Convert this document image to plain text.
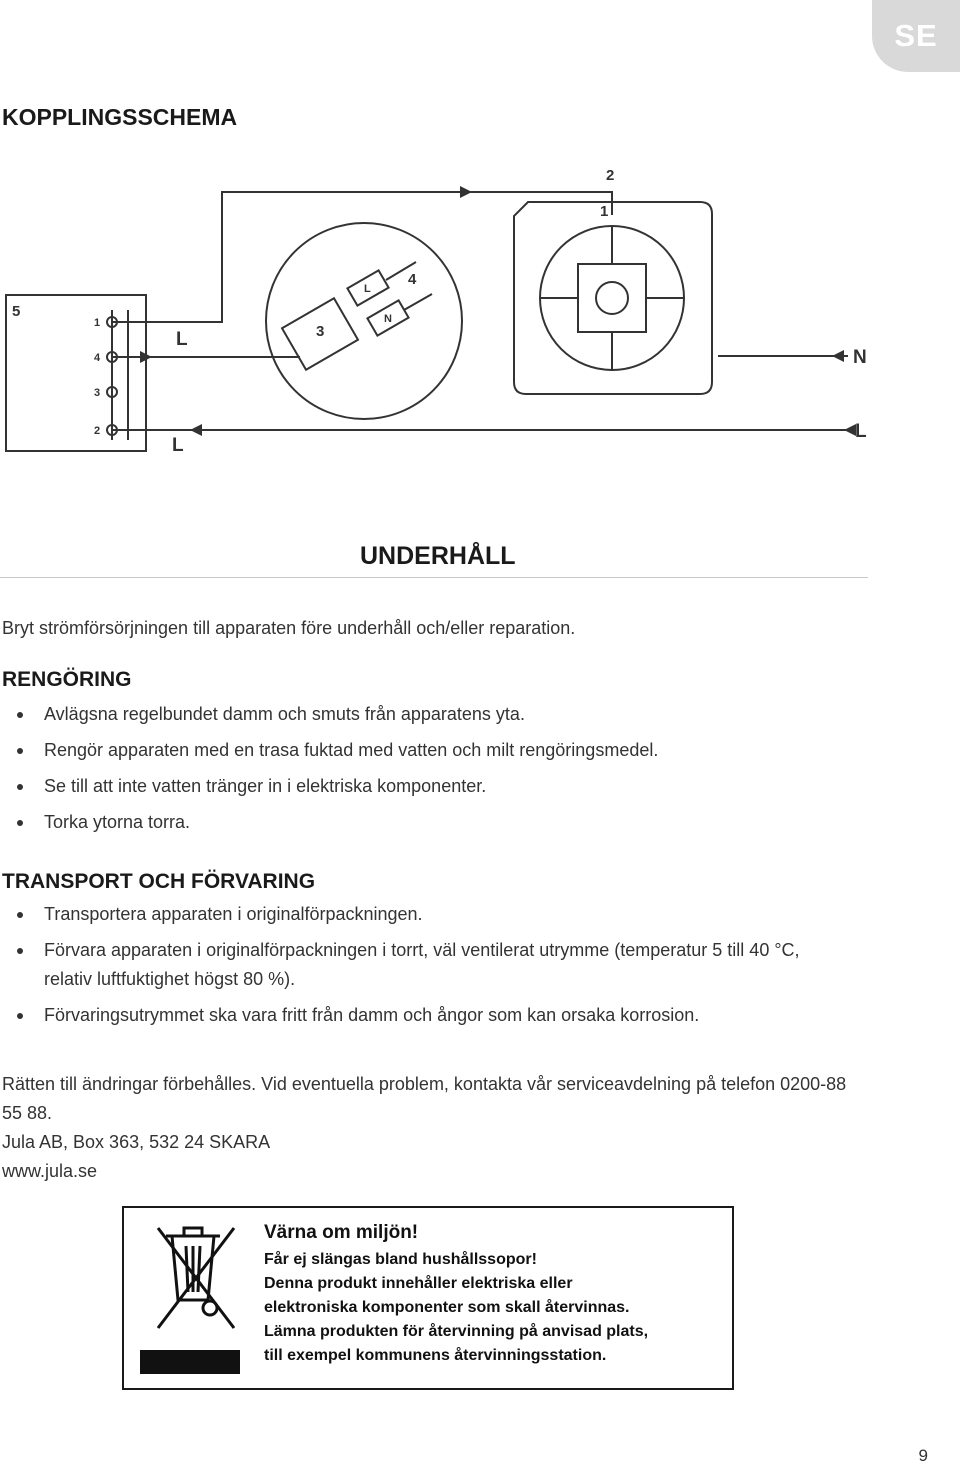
SE
KOPPLINGSSCHEMA
2
1
5
3
4
L
L
N
L
1
4
3
2
L
N
UNDERHÅLL

Bryt strömförsörjningen till apparaten före underhåll och/eller reparation.

RENGÖRING
Avlägsna regelbundet damm och smuts från apparatens yta.
Rengör apparaten med en trasa fuktad med vatten och milt rengöringsmedel.
Se till att inte vatten tränger in i elektriska komponenter.
Torka ytorna torra.
TRANSPORT OCH FÖRVARING
Transportera apparaten i originalförpackningen.
Förvara apparaten i originalförpackningen i torrt, väl ventilerat utrymme (temperatur 5 till 40 °C, relativ luftfuktighet högst 80 %).
Förvaringsutrymmet ska vara fritt från damm och ångor som kan orsaka korrosion.

Rätten till ändringar förbehålles. Vid eventuella problem, kontakta vår serviceavdelning på telefon 0200-88 55 88.

Jula AB, Box 363, 532 24 SKARA

www.jula.se

Värna om miljön!

Får ej slängas bland hushållssopor!

Denna produkt innehåller elektriska eller

elektroniska komponenter som skall återvinnas.

Lämna produkten för återvinning på anvisad plats,

till exempel kommunens återvinningsstation.

9
